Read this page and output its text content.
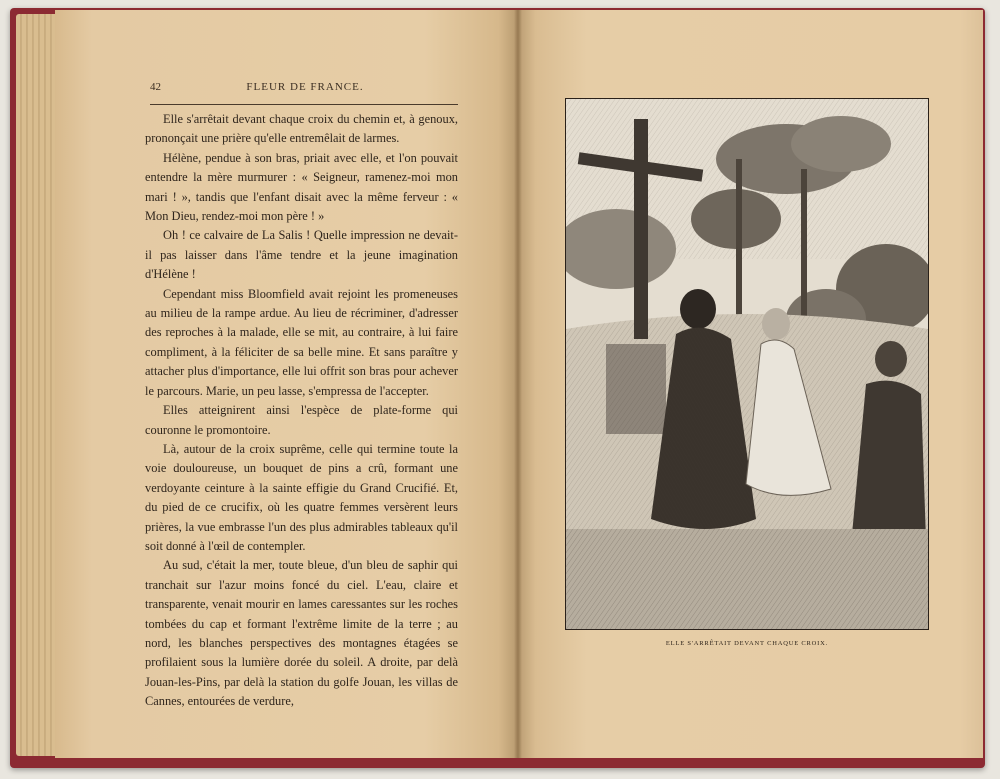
42	FLEUR DE FRANCE.

Elle s'arrêtait devant chaque croix du chemin et, à genoux, prononçait une prière qu'elle entremêlait de larmes.

Hélène, pendue à son bras, priait avec elle, et l'on pouvait entendre la mère murmurer : « Seigneur, ramenez-moi mon mari ! », tandis que l'enfant disait avec la même ferveur : « Mon Dieu, rendez-moi mon père ! »

Oh ! ce calvaire de La Salis ! Quelle impression ne devait-il pas laisser dans l'âme tendre et la jeune imagination d'Hélène !

Cependant miss Bloomfield avait rejoint les promeneuses au milieu de la rampe ardue. Au lieu de récriminer, d'adresser des reproches à la malade, elle se mit, au contraire, à lui faire compliment, à la féliciter de sa belle mine. Et sans paraître y attacher plus d'importance, elle lui offrit son bras pour achever le parcours. Marie, un peu lasse, s'empressa de l'accepter.

Elles atteignirent ainsi l'espèce de plate-forme qui couronne le promontoire.

Là, autour de la croix suprême, celle qui termine toute la voie douloureuse, un bouquet de pins a crû, formant une verdoyante ceinture à la sainte effigie du Grand Crucifié. Et, du pied de ce crucifix, où les quatre femmes versèrent leurs prières, la vue embrasse l'un des plus admirables tableaux qu'il soit donné à l'œil de contempler.

Au sud, c'était la mer, toute bleue, d'un bleu de saphir qui tranchait sur l'azur moins foncé du ciel. L'eau, claire et transparente, venait mourir en lames caressantes sur les roches tombées du cap et formant l'extrême limite de la terre ; au nord, les blanches perspectives des montagnes étagées se profilaient sous la lumière dorée du soleil. A droite, par delà Jouan-les-Pins, par delà la station du golfe Jouan, les villas de Cannes, entourées de verdure,

ELLE S'ARRÊTAIT DEVANT CHAQUE CROIX.
